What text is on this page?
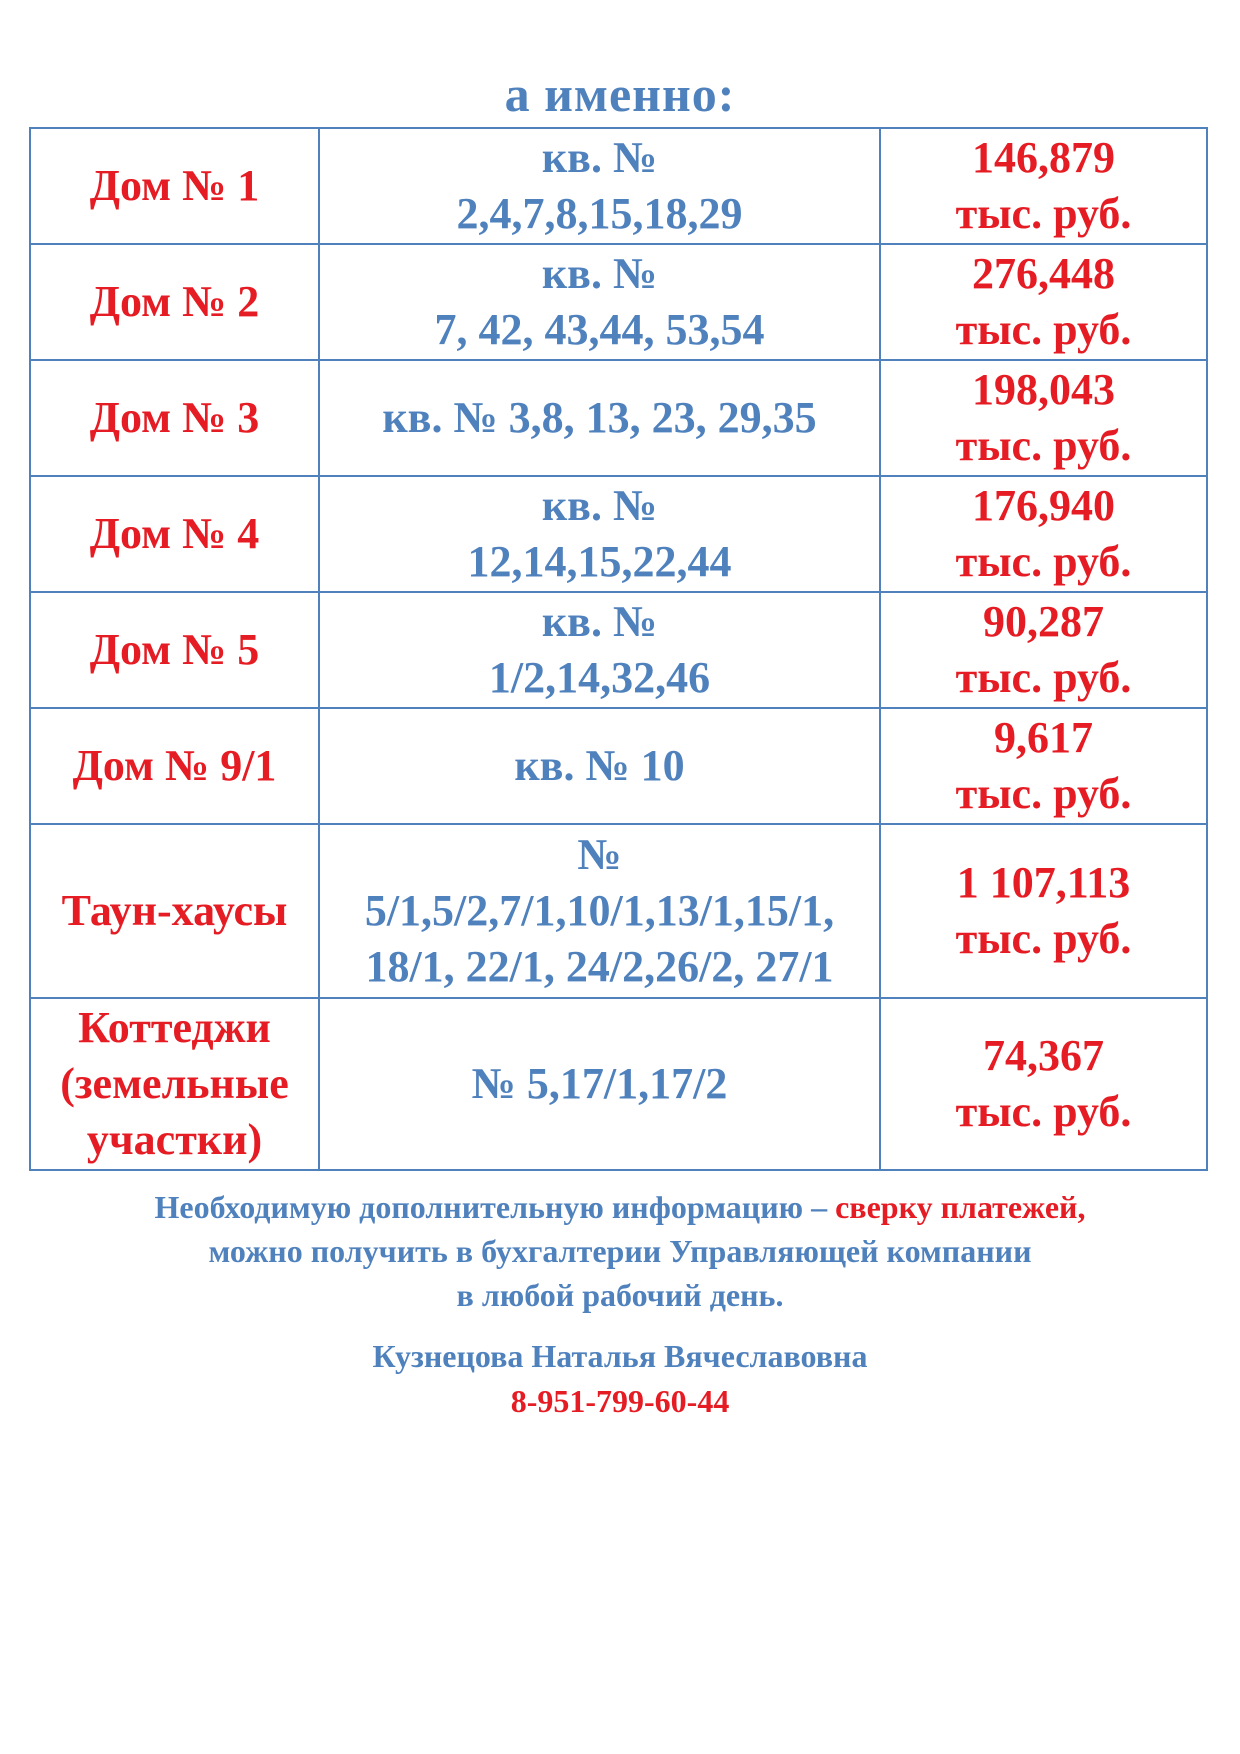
а именно:
Дом № 1	кв. №
2,4,7,8,15,18,29	146,879
тыс. руб.

Дом № 2	кв. №
7, 42, 43,44, 53,54	276,448
тыс. руб.

Дом № 3	кв. № 3,8, 13, 23, 29,35	198,043
тыс. руб.

Дом № 4	кв. №
12,14,15,22,44	176,940
тыс. руб.

Дом № 5	кв. №
1/2,14,32,46	90,287
тыс. руб.

Дом № 9/1	кв. № 10	9,617
тыс. руб.

Таун-хаусы	№
5/1,5/2,7/1,10/1,13/1,15/1,
18/1, 22/1, 24/2,26/2, 27/1	1 107,113
тыс. руб.

Коттеджи
(земельные
участки)	№ 5,17/1,17/2	74,367
тыс. руб.
Необходимую дополнительную информацию – сверку платежей,
можно получить в бухгалтерии Управляющей компании
в любой рабочий день.
Кузнецова Наталья Вячеславовна
8-951-799-60-44
